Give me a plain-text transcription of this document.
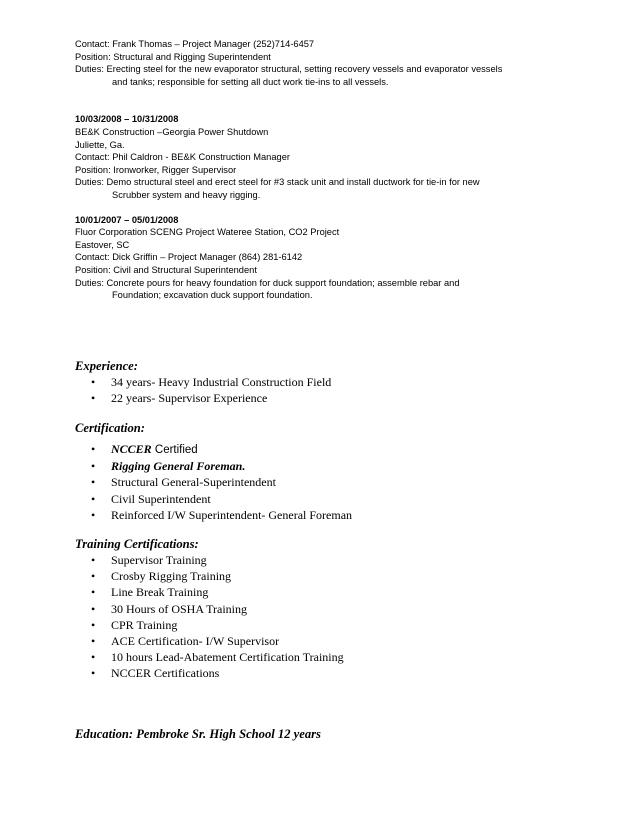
Contact: Frank Thomas – Project Manager (252)714-6457
Position: Structural and Rigging Superintendent
Duties: Erecting steel for the new evaporator structural, setting recovery vessels and evaporator vessels
and tanks; responsible for setting all duct work tie-ins to all vessels.
10/03/2008 – 10/31/2008
BE&K Construction –Georgia Power Shutdown
Juliette, Ga.
Contact: Phil Caldron - BE&K Construction Manager
Position: Ironworker, Rigger Supervisor
Duties: Demo structural steel and erect steel for #3 stack unit and install ductwork for tie-in for new
Scrubber system and heavy rigging.
10/01/2007 – 05/01/2008
Fluor Corporation SCENG Project Wateree Station, CO2 Project
Eastover, SC
Contact: Dick Griffin – Project Manager (864) 281-6142
Position: Civil and Structural Superintendent
Duties: Concrete pours for heavy foundation for duck support foundation; assemble rebar and
Foundation; excavation duck support foundation.
Experience:
• 34 years- Heavy Industrial Construction Field
• 22 years- Supervisor Experience
Certification:
• NCCER Certified
• Rigging General Foreman.
• Structural General-Superintendent
• Civil Superintendent
• Reinforced I/W Superintendent- General Foreman
Training Certifications:
• Supervisor Training
• Crosby Rigging Training
• Line Break Training
• 30 Hours of OSHA Training
• CPR Training
• ACE Certification- I/W Supervisor
• 10 hours Lead-Abatement Certification Training
• NCCER Certifications
Education: Pembroke Sr. High School 12 years
